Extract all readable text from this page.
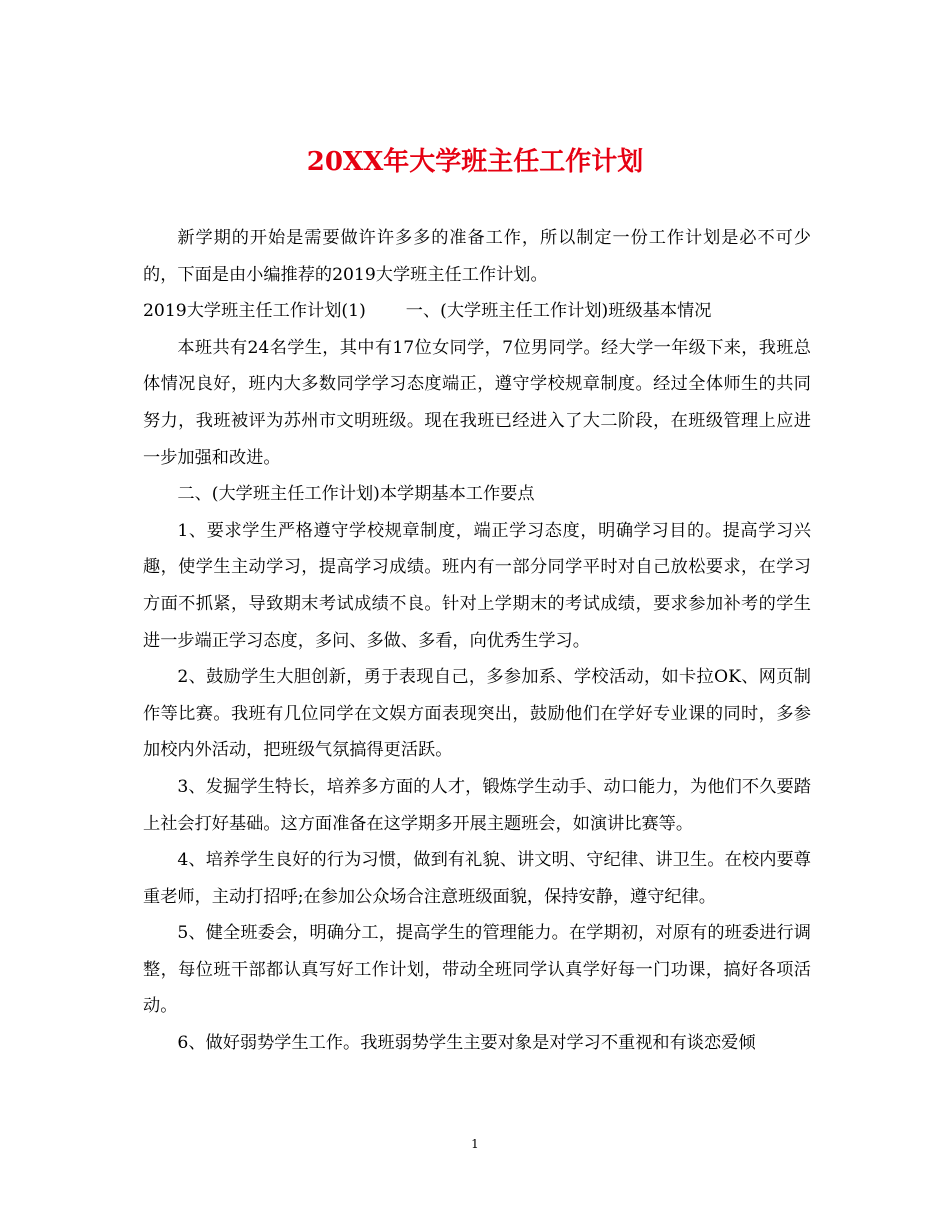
20XX年大学班主任工作计划

新学期的开始是需要做许许多多的准备工作，所以制定一份工作计划是必不可少的，下面是由小编推荐的2019大学班主任工作计划。

2019大学班主任工作计划(1) 一、(大学班主任工作计划)班级基本情况

本班共有24名学生，其中有17位女同学，7位男同学。经大学一年级下来，我班总体情况良好，班内大多数同学学习态度端正，遵守学校规章制度。经过全体师生的共同努力，我班被评为苏州市文明班级。现在我班已经进入了大二阶段，在班级管理上应进一步加强和改进。

二、(大学班主任工作计划)本学期基本工作要点

1、要求学生严格遵守学校规章制度，端正学习态度，明确学习目的。提高学习兴趣，使学生主动学习，提高学习成绩。班内有一部分同学平时对自己放松要求，在学习方面不抓紧，导致期末考试成绩不良。针对上学期末的考试成绩，要求参加补考的学生进一步端正学习态度，多问、多做、多看，向优秀生学习。

2、鼓励学生大胆创新，勇于表现自己，多参加系、学校活动，如卡拉OK、网页制作等比赛。我班有几位同学在文娱方面表现突出，鼓励他们在学好专业课的同时，多参加校内外活动，把班级气氛搞得更活跃。

3、发掘学生特长，培养多方面的人才，锻炼学生动手、动口能力，为他们不久要踏上社会打好基础。这方面准备在这学期多开展主题班会，如演讲比赛等。

4、培养学生良好的行为习惯，做到有礼貌、讲文明、守纪律、讲卫生。在校内要尊重老师，主动打招呼;在参加公众场合注意班级面貌，保持安静，遵守纪律。

5、健全班委会，明确分工，提高学生的管理能力。在学期初，对原有的班委进行调整，每位班干部都认真写好工作计划，带动全班同学认真学好每一门功课，搞好各项活动。

6、做好弱势学生工作。我班弱势学生主要对象是对学习不重视和有谈恋爱倾

1
